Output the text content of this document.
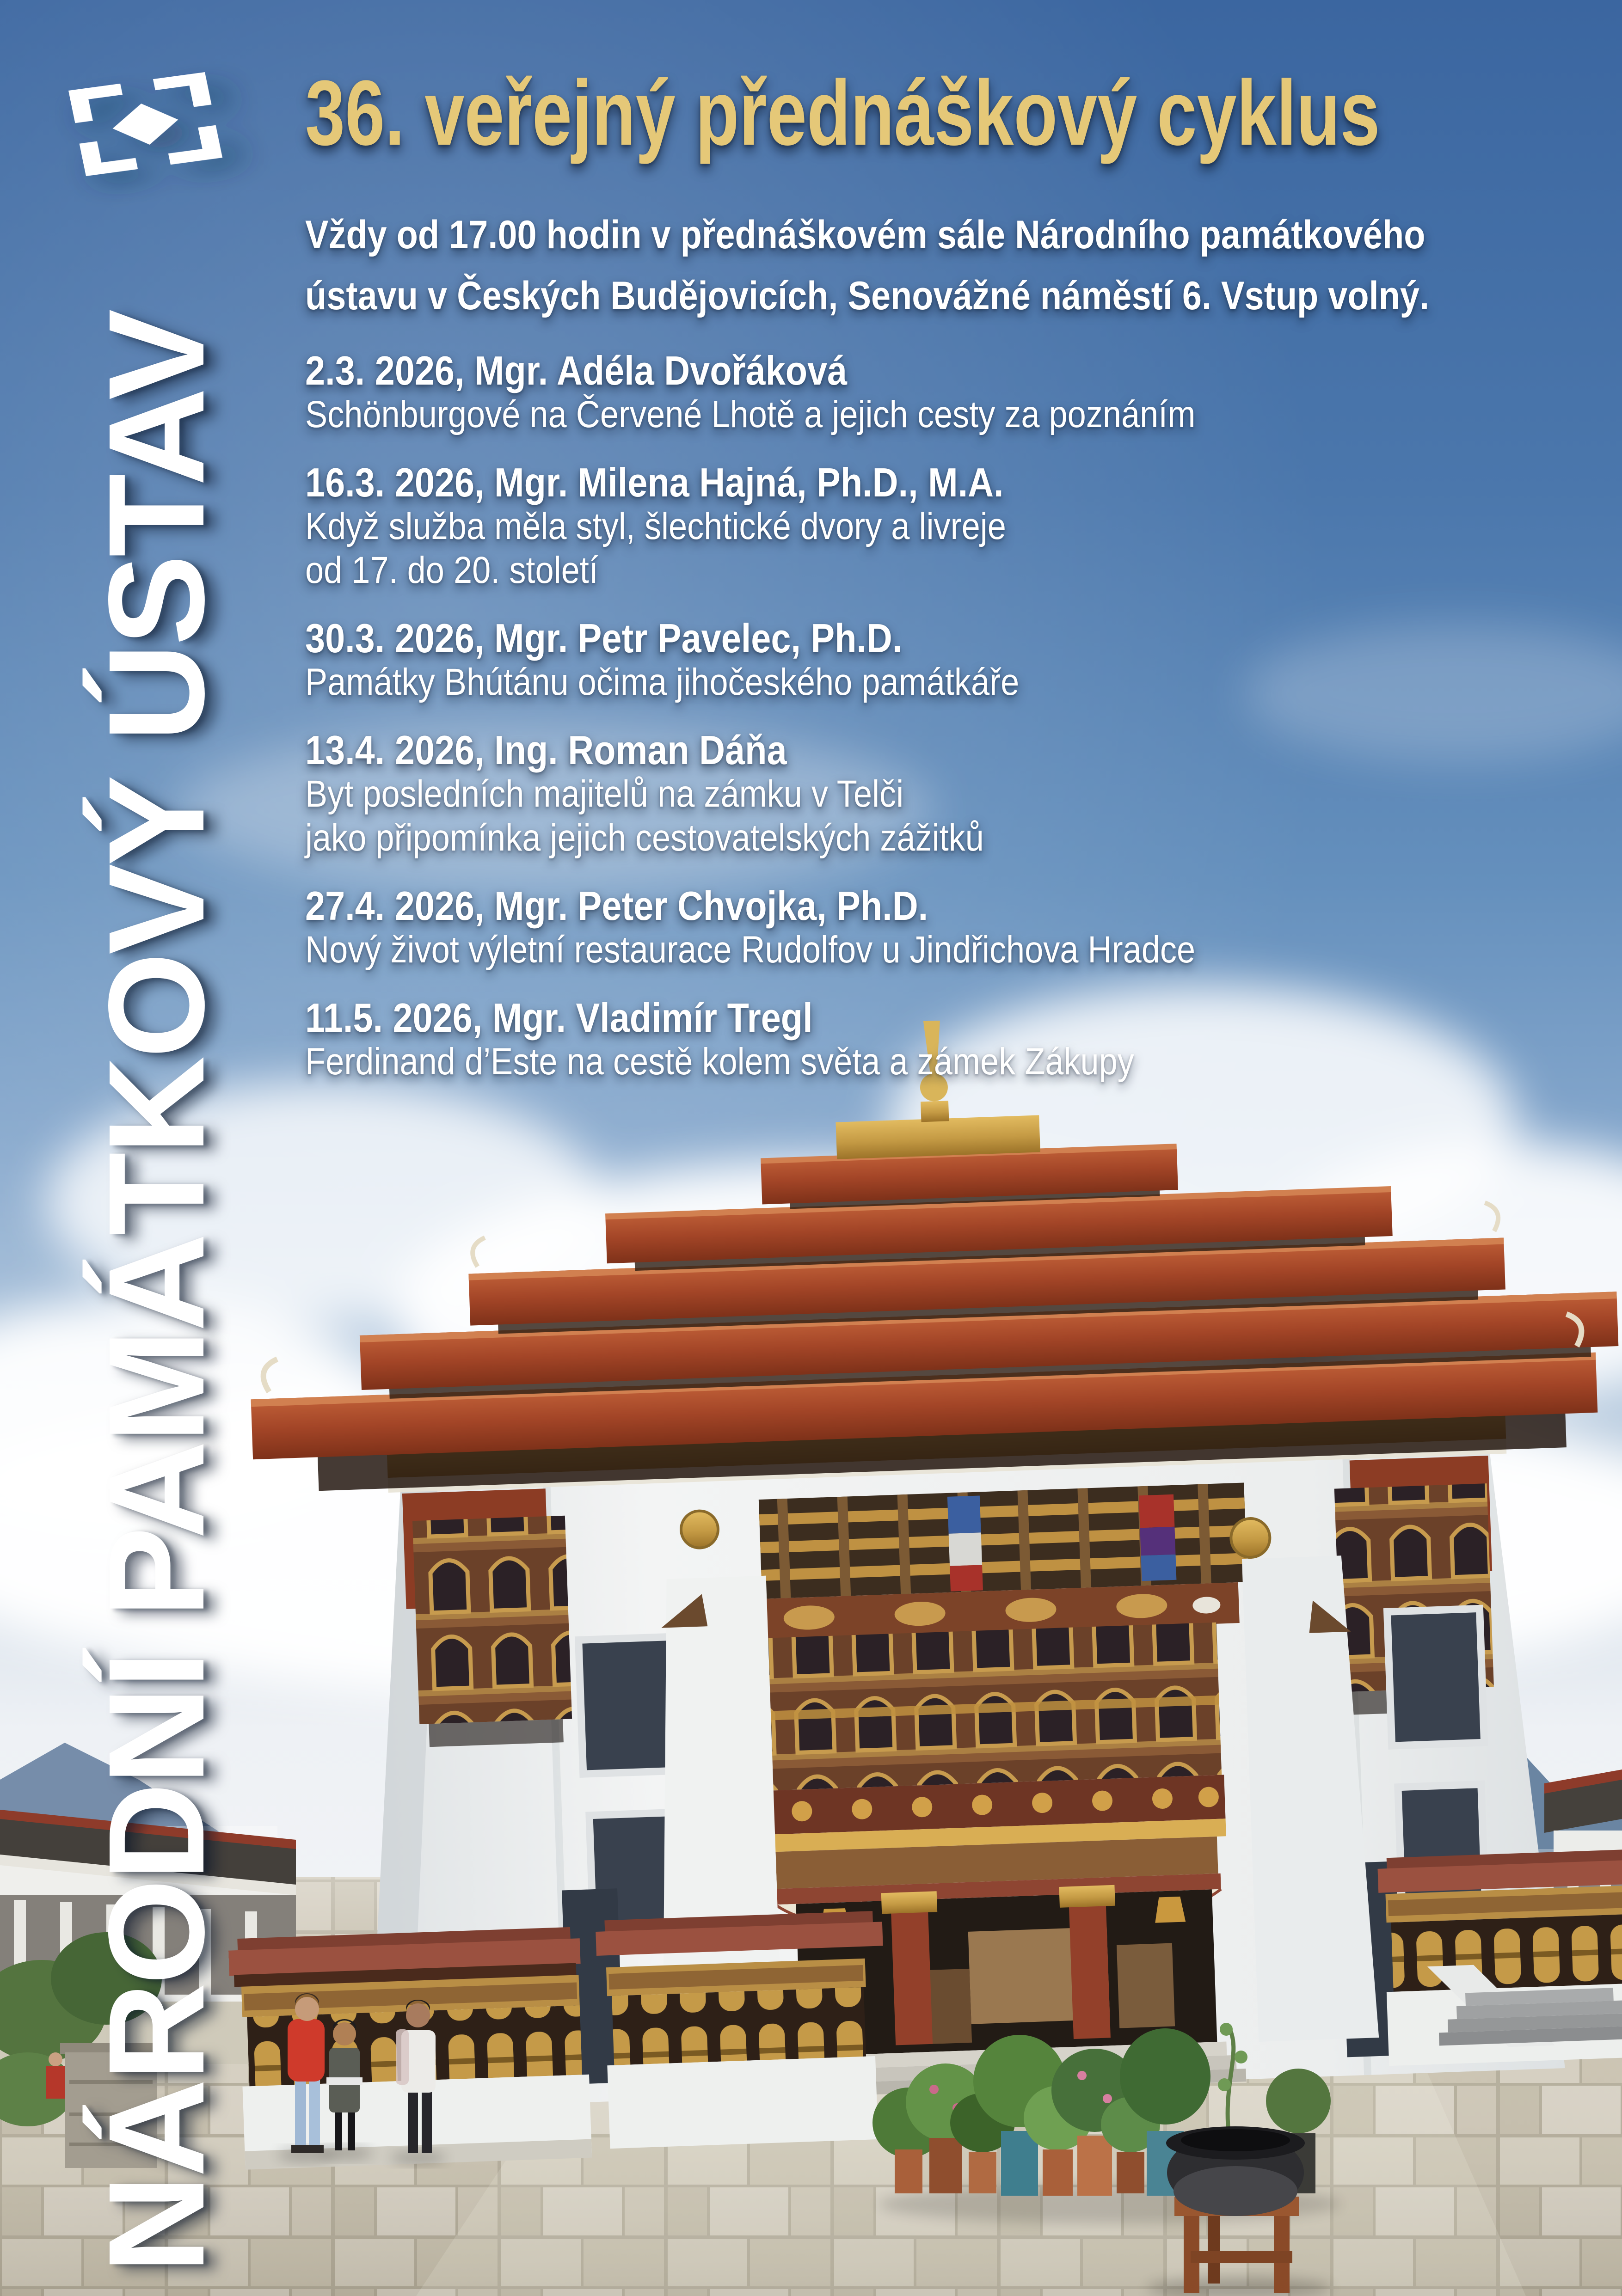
NÁRODNÍ PAMÁTKOVÝ ÚSTAV
36. veřejný přednáškový cyklus
Vždy od 17.00 hodin v přednáškovém sále Národního památkového
ústavu v Českých Budějovicích, Senovážné náměstí 6. Vstup volný.
2.3. 2026, Mgr. Adéla Dvořáková
Schönburgové na Červené Lhotě a jejich cesty za poznáním
16.3. 2026, Mgr. Milena Hajná, Ph.D., M.A.
Když služba měla styl, šlechtické dvory a livreje
od 17. do 20. století
30.3. 2026, Mgr. Petr Pavelec, Ph.D.
Památky Bhútánu očima jihočeského památkáře
13.4. 2026, Ing. Roman Dáňa
Byt posledních majitelů na zámku v Telči
jako připomínka jejich cestovatelských zážitků
27.4. 2026, Mgr. Peter Chvojka, Ph.D.
Nový život výletní restaurace Rudolfov u Jindřichova Hradce
11.5. 2026, Mgr. Vladimír Tregl
Ferdinand d’Este na cestě kolem světa a zámek Zákupy
